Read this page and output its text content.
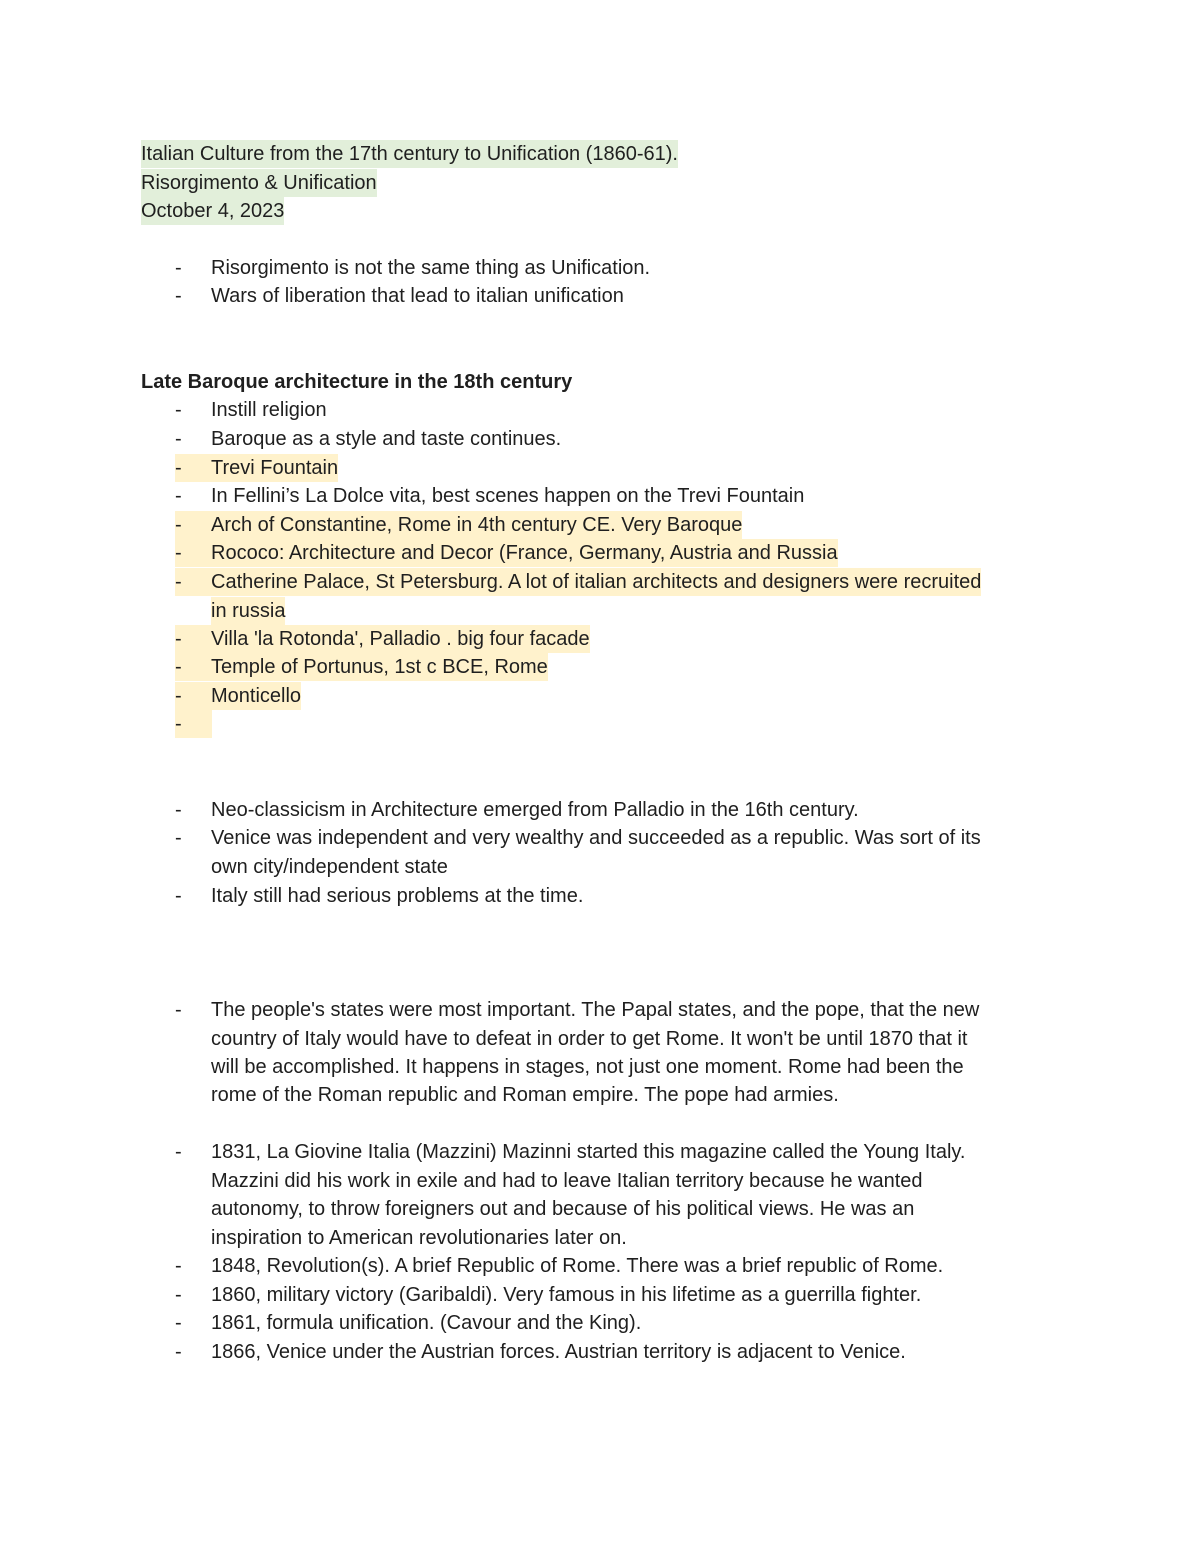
Italian Culture from the 17th century to Unification (1860-61).
Risorgimento & Unification
October 4, 2023
-	Risorgimento is not the same thing as Unification.
-	Wars of liberation that lead to italian unification
Late Baroque architecture in the 18th century
-	Instill religion
-	Baroque as a style and taste continues.
-	Trevi Fountain
-	In Fellini’s La Dolce vita, best scenes happen on the Trevi Fountain
-	Arch of Constantine, Rome in 4th century CE. Very Baroque
-	Rococo: Architecture and Decor (France, Germany, Austria and Russia
-	Catherine Palace, St Petersburg. A lot of italian architects and designers were recruited
in russia
-	Villa 'la Rotonda', Palladio . big four facade
-	Temple of Portunus, 1st c BCE, Rome
-	Monticello
-
-	Neo-classicism in Architecture emerged from Palladio in the 16th century.
-	Venice was independent and very wealthy and succeeded as a republic. Was sort of its
own city/independent state
-	Italy still had serious problems at the time.
-	The people's states were most important. The Papal states, and the pope, that the new
country of Italy would have to defeat in order to get Rome. It won't be until 1870 that it
will be accomplished. It happens in stages, not just one moment. Rome had been the
rome of the Roman republic and Roman empire. The pope had armies.
-	1831, La Giovine Italia (Mazzini) Mazinni started this magazine called the Young Italy.
Mazzini did his work in exile and had to leave Italian territory because he wanted
autonomy, to throw foreigners out and because of his political views. He was an
inspiration to American revolutionaries later on.
-	1848, Revolution(s). A brief Republic of Rome. There was a brief republic of Rome.
-	1860, military victory (Garibaldi). Very famous in his lifetime as a guerrilla fighter.
-	1861, formula unification. (Cavour and the King).
-	1866, Venice under the Austrian forces. Austrian territory is adjacent to Venice.
